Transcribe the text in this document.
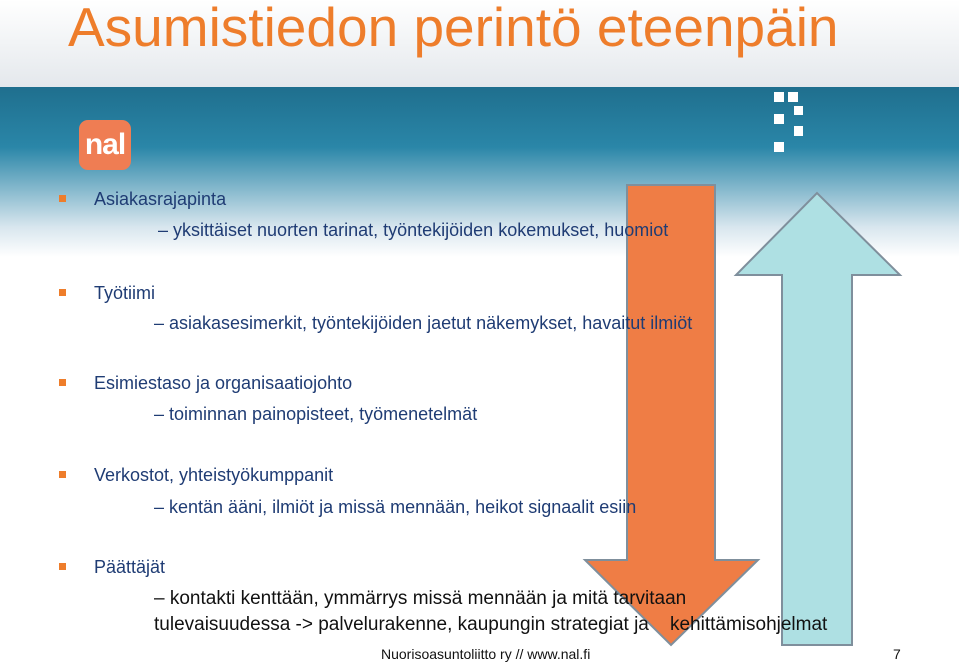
Asumistiedon perintö eteenpäin
nal
Asiakasrajapinta
– yksittäiset nuorten tarinat, työntekijöiden kokemukset, huomiot
Työtiimi
– asiakasesimerkit, työntekijöiden jaetut näkemykset, havaitut ilmiöt
Esimiestaso ja organisaatiojohto
– toiminnan painopisteet, työmenetelmät
Verkostot, yhteistyökumppanit
– kentän ääni, ilmiöt ja missä mennään, heikot signaalit esiin
Päättäjät
– kontakti kenttään, ymmärrys missä mennään ja mitä tarvitaan
tulevaisuudessa -> palvelurakenne, kaupungin strategiat ja    kehittämisohjelmat
Nuorisoasuntoliitto ry // www.nal.fi	7
